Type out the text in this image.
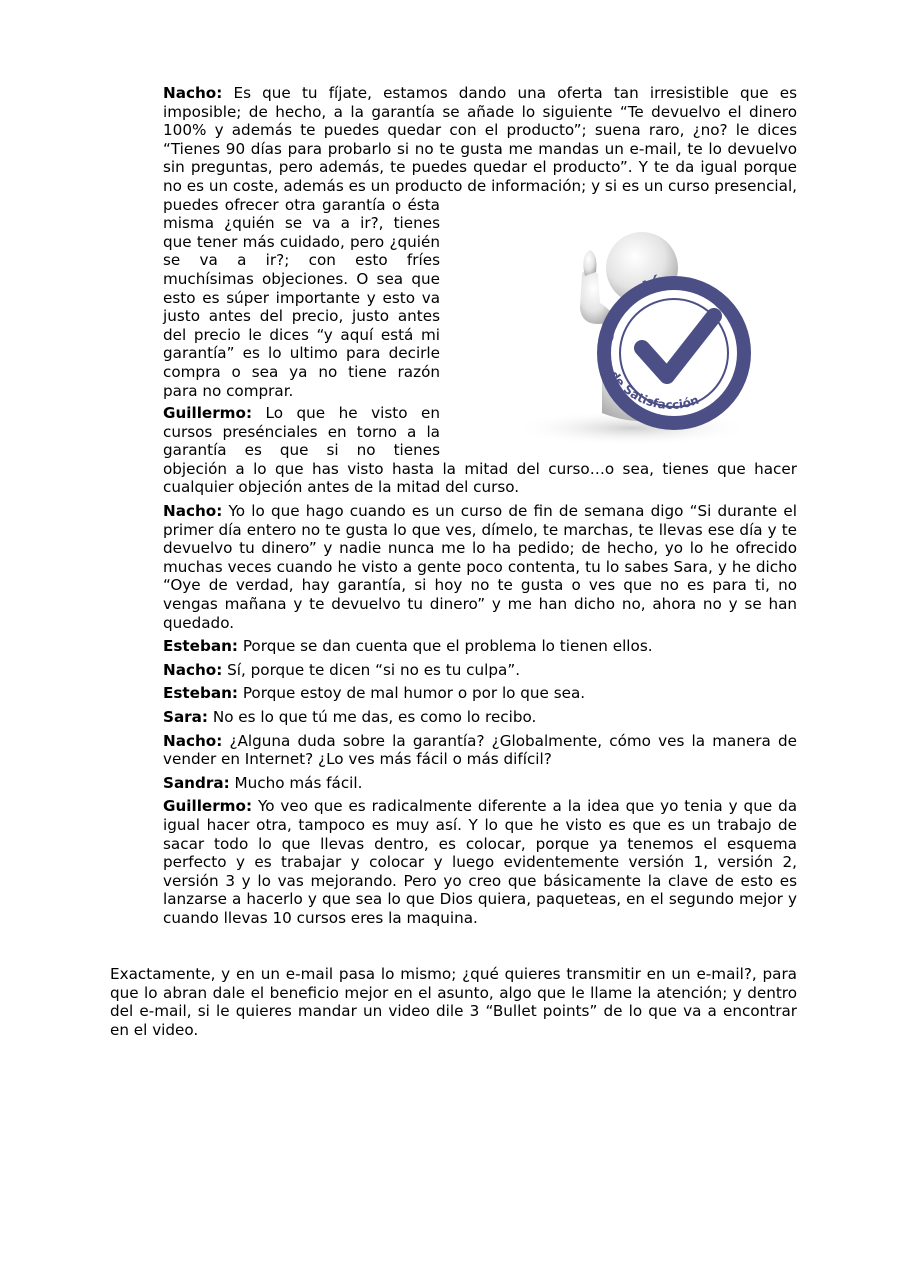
Nacho: Es que tu fíjate, estamos dando una oferta tan irresistible que es imposible; de hecho, a la garantía se añade lo siguiente “Te devuelvo el dinero 100% y además te puedes quedar con el producto”; suena raro, ¿no? le dices “Tienes 90 días para probarlo si no te gusta me mandas un e-mail, te lo devuelvo sin preguntas, pero además, te puedes quedar el producto”. Y te da igual porque no es un coste, además es un producto de información; y si es un curso
Garantía
de Satisfacción
presencial, puedes ofrecer otra garantía o ésta misma ¿quién se va a ir?, tienes que tener más cuidado, pero ¿quién se va a ir?; con esto fríes muchísimas objeciones. O sea que esto es súper importante y esto va justo antes del precio, justo antes del precio le dices “y aquí está mi garantía” es lo ultimo para decirle compra o sea ya no tiene razón para no comprar.

Guillermo: Lo que he visto en cursos presénciales en torno a la garantía es que si no tienes objeción a lo que has visto hasta la mitad del curso…o sea, tienes que hacer cualquier objeción antes de la mitad del curso.

Nacho: Yo lo que hago cuando es un curso de fin de semana digo “Si durante el primer día entero no te gusta lo que ves, dímelo, te marchas, te llevas ese día y te devuelvo tu dinero” y nadie nunca me lo ha pedido; de hecho, yo lo he ofrecido muchas veces cuando he visto a gente poco contenta, tu lo sabes Sara, y he dicho “Oye de verdad, hay garantía, si hoy no te gusta o ves que no es para ti, no vengas mañana y te devuelvo tu dinero” y me han dicho no, ahora no y se han quedado.

Esteban: Porque se dan cuenta que el problema lo tienen ellos.

Nacho: Sí, porque te dicen “si no es tu culpa”.

Esteban: Porque estoy de mal humor o por lo que sea.

Sara: No es lo que tú me das, es como lo recibo.

Nacho: ¿Alguna duda sobre la garantía? ¿Globalmente, cómo ves la manera de vender en Internet? ¿Lo ves más fácil o más difícil?

Sandra: Mucho más fácil.

Guillermo: Yo veo que es radicalmente diferente a la idea que yo tenia y que da igual hacer otra, tampoco es muy así. Y lo que he visto es que es un trabajo de sacar todo lo que llevas dentro, es colocar, porque ya tenemos el esquema perfecto y es trabajar y colocar y luego evidentemente versión 1, versión 2, versión 3 y lo vas mejorando. Pero yo creo que básicamente la clave de esto es lanzarse a hacerlo y que sea lo que Dios quiera, paqueteas, en el segundo mejor y cuando llevas 10 cursos eres la maquina.

Exactamente, y en un e-mail pasa lo mismo; ¿qué quieres transmitir en un e-mail?, para que lo abran dale el beneficio mejor en el asunto, algo que le llame la atención; y dentro del e-mail, si le quieres mandar un video dile 3 “Bullet points” de lo que va a encontrar en el video.
